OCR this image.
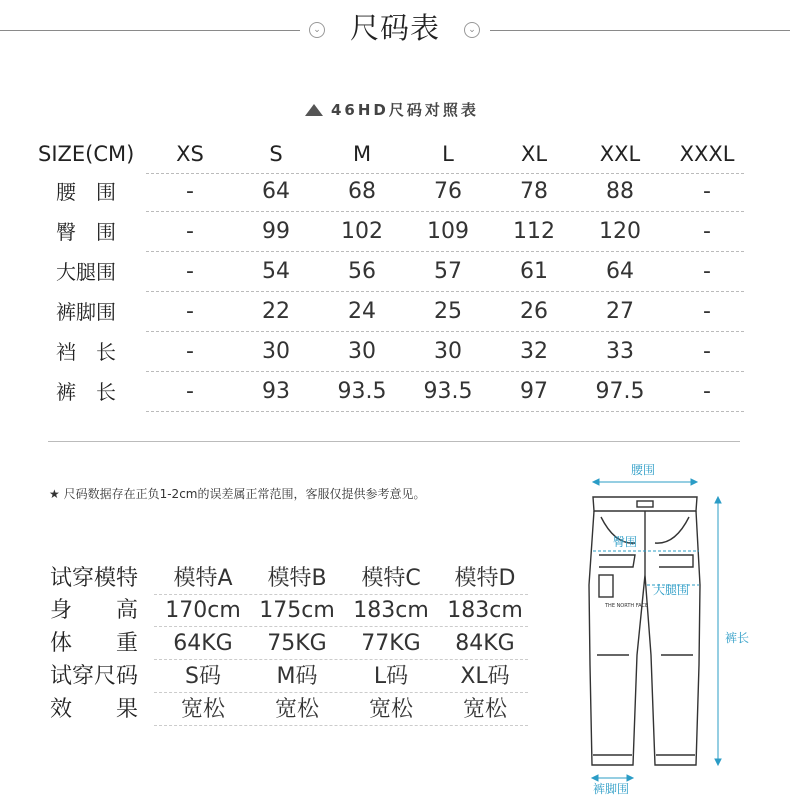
⌄	尺码表	⌄
46HD尺码对照表
SIZE(CM)	XS	S	M	L	XL	XXL	XXXL
腰　围	-	64	68	76	78	88	-
臀　围	-	99	102	109	112	120	-
大腿围	-	54	56	57	61	64	-
裤脚围	-	22	24	25	26	27	-
裆　长	-	30	30	30	32	33	-
裤　长	-	93	93.5	93.5	97	97.5	-
★ 尺码数据存在正负1-2cm的误差属正常范围，客服仅提供参考意见。
试穿模特	模特A	模特B	模特C	模特D
身　　高	170cm 175cm 183cm 183cm
体　　重	64KG	75KG	77KG	84KG
试穿尺码	S码	M码	L码	XL码
效　　果	宽松	宽松	宽松	宽松
THE NORTH FACE
腰围
臀围
大腿围
裤长
裤脚围
